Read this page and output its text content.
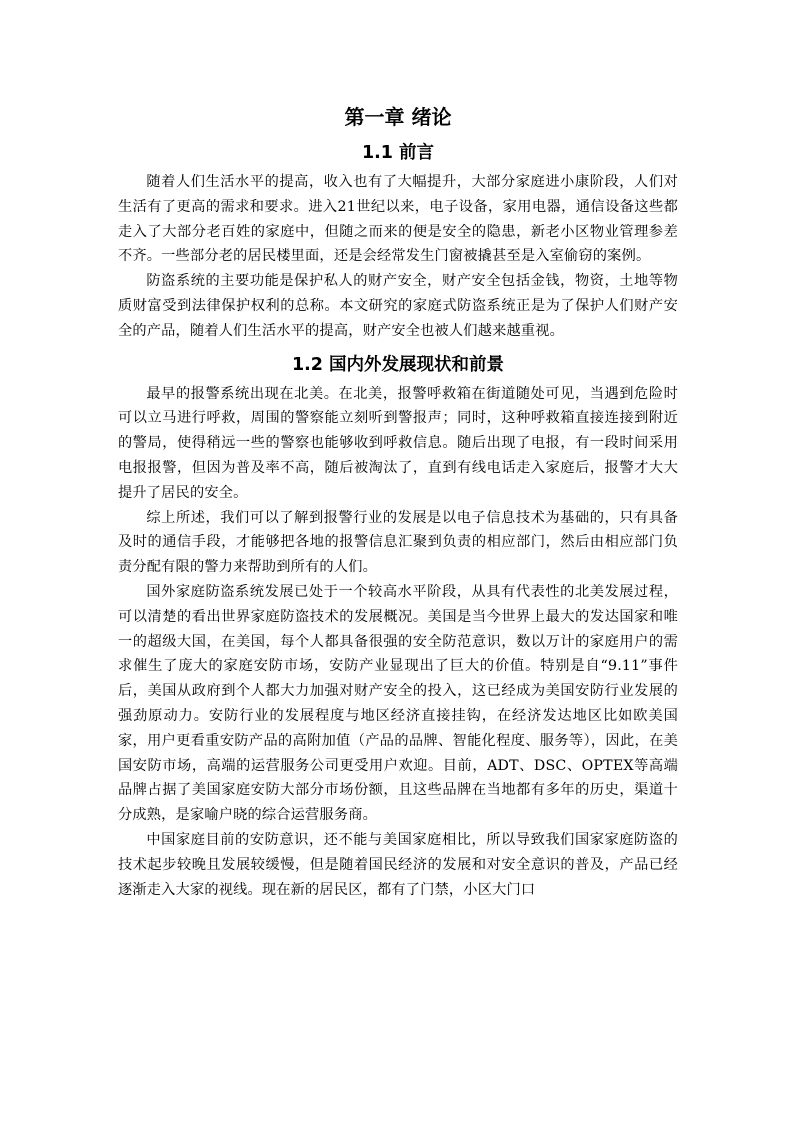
第一章 绪论
1.1 前言

随着人们生活水平的提高，收入也有了大幅提升，大部分家庭进小康阶段，人们对生活有了更高的需求和要求。进入21世纪以来，电子设备，家用电器，通信设备这些都走入了大部分老百姓的家庭中，但随之而来的便是安全的隐患，新老小区物业管理参差不齐。一些部分老的居民楼里面，还是会经常发生门窗被撬甚至是入室偷窃的案例。

防盗系统的主要功能是保护私人的财产安全，财产安全包括金钱，物资，土地等物质财富受到法律保护权利的总称。本文研究的家庭式防盗系统正是为了保护人们财产安全的产品，随着人们生活水平的提高，财产安全也被人们越来越重视。

1.2 国内外发展现状和前景

最早的报警系统出现在北美。在北美，报警呼救箱在街道随处可见，当遇到危险时可以立马进行呼救，周围的警察能立刻听到警报声；同时，这种呼救箱直接连接到附近的警局，使得稍远一些的警察也能够收到呼救信息。随后出现了电报，有一段时间采用电报报警，但因为普及率不高，随后被淘汰了，直到有线电话走入家庭后，报警才大大提升了居民的安全。

综上所述，我们可以了解到报警行业的发展是以电子信息技术为基础的，只有具备及时的通信手段，才能够把各地的报警信息汇聚到负责的相应部门，然后由相应部门负责分配有限的警力来帮助到所有的人们。

国外家庭防盗系统发展已处于一个较高水平阶段，从具有代表性的北美发展过程，可以清楚的看出世界家庭防盗技术的发展概况。美国是当今世界上最大的发达国家和唯一的超级大国，在美国，每个人都具备很强的安全防范意识，数以万计的家庭用户的需求催生了庞大的家庭安防市场，安防产业显现出了巨大的价值。特别是自“9.11”事件后，美国从政府到个人都大力加强对财产安全的投入，这已经成为美国安防行业发展的强劲原动力。安防行业的发展程度与地区经济直接挂钩，在经济发达地区比如欧美国家，用户更看重安防产品的高附加值（产品的品牌、智能化程度、服务等），因此，在美国安防市场，高端的运营服务公司更受用户欢迎。目前，ADT、DSC、OPTEX等高端品牌占据了美国家庭安防大部分市场份额，且这些品牌在当地都有多年的历史，渠道十分成熟，是家喻户晓的综合运营服务商。

中国家庭目前的安防意识，还不能与美国家庭相比，所以导致我们国家家庭防盗的技术起步较晚且发展较缓慢，但是随着国民经济的发展和对安全意识的普及，产品已经逐渐走入大家的视线。现在新的居民区，都有了门禁，小区大门口
